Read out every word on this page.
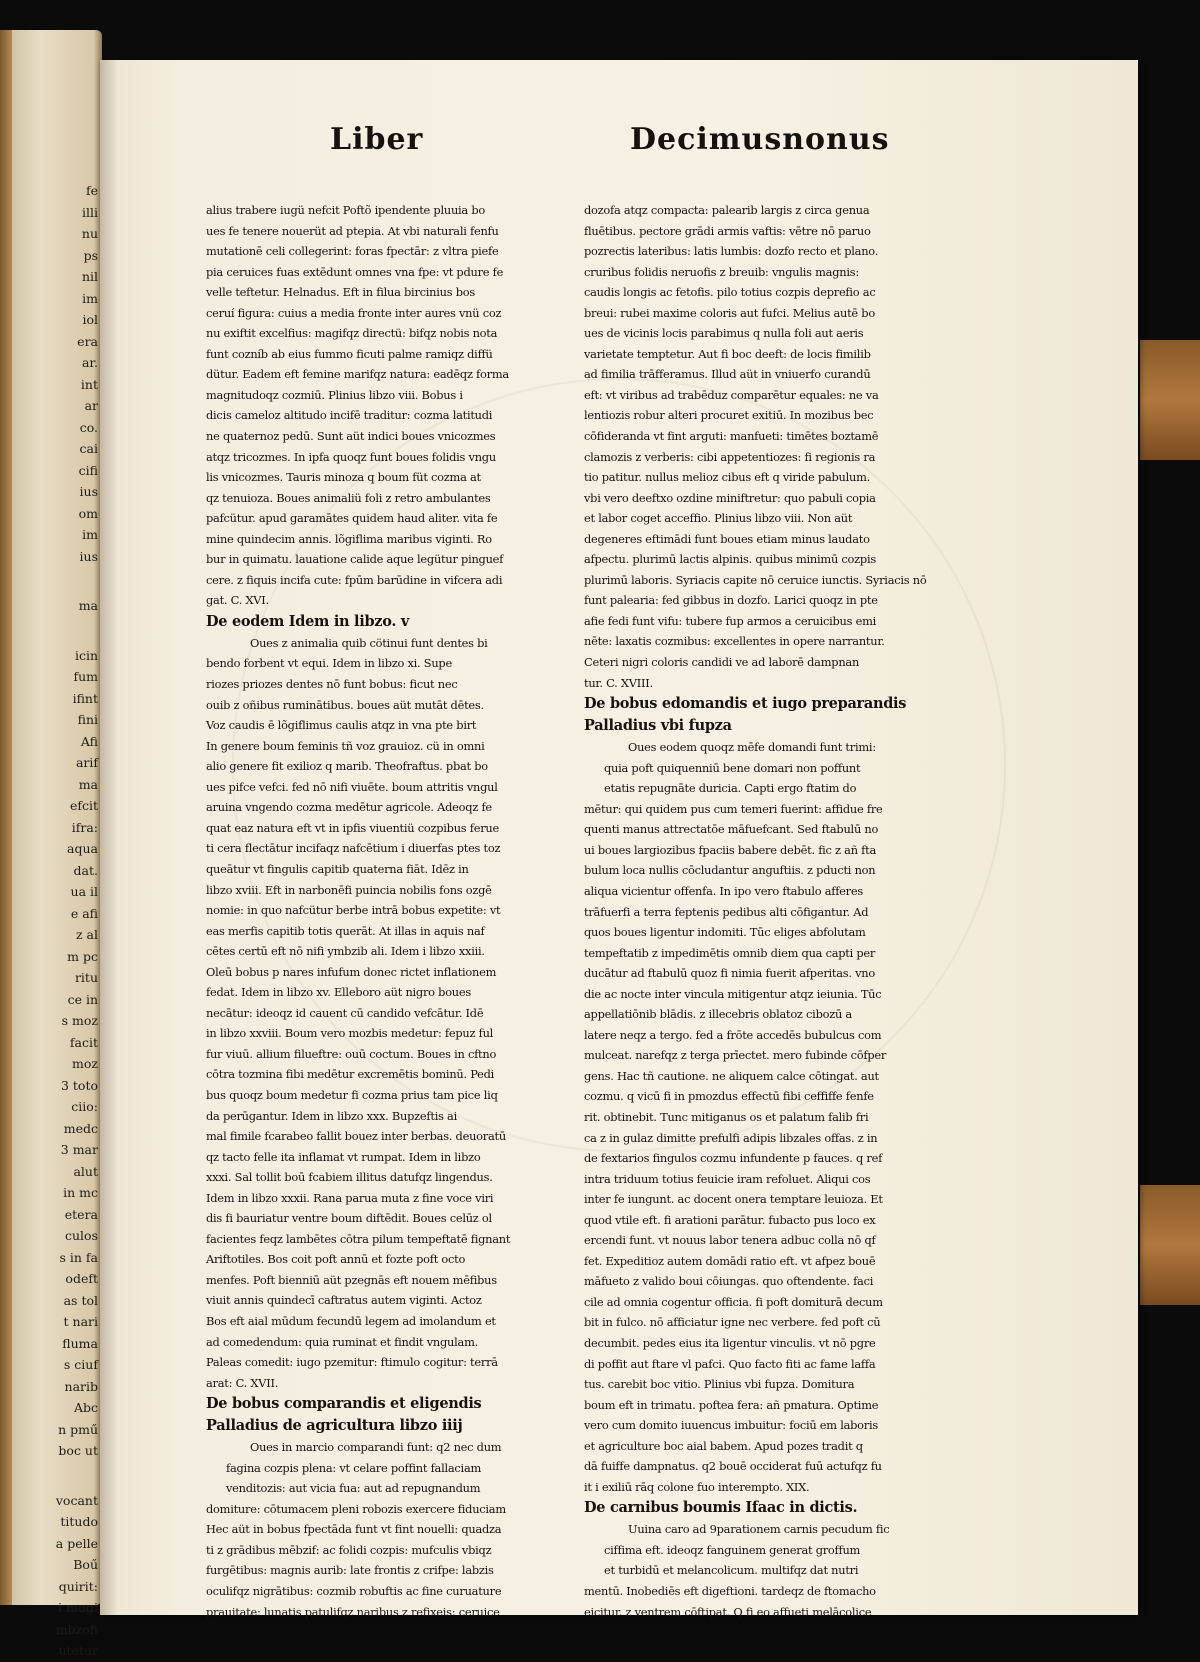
fe
illi
nu
ps
nil
im
iol
era
ar.
int
ar
co.
cai
cifi
ius
om
im
ius
ma
icin
fum
ifint
fini
Afi
arif
ma
efcit
ifra:
aqua
dat.
ua il
e afi
z al
m pc
ritu
ce in
s moz
facit
moz
3 toto
ciio:
medc
3 mar
alut
in mc
etera
culos
s in fa
odeft
as tol
t nari
fluma
s ciuf
narib
Abc
n pmű
boc ut
vocant
titudo
a pelle
Boű
quirit:
i mugi
mbzofi
utetur
Liber	Decimusnonus
alius trabere iugü nefcit Poftõ ipendente pluuia bo
ues fe tenere nouerüt ad ptepia. At vbi naturali fenfu
mutationē celi collegerint: foras fpectār: z vltra piefe
pia ceruices fuas extēdunt omnes vna fpe: vt pdure fe
velle teftetur. Helnadus. Eft in filua bircinius bos
ceruí figura: cuius a media fronte inter aures vnü coz
nu exiftit excelfius: magifqz directü: bifqz nobis nota
funt cozníb ab eius fummo ficuti palme ramiqz diffü
dütur. Eadem eft femine marifqz natura: eadēqz forma
magnitudoqz cozmiū. Plinius libzo viii. Bobus i
dicis cameloz altitudo incifē traditur: cozma latitudi
ne quaternoz pedū. Sunt aüt indici boues vnicozmes
atqz tricozmes. In ipfa quoqz funt boues folidis vngu
lis vnicozmes. Tauris minoza q boum füt cozma at
qz tenuioza. Boues animaliü foli z retro ambulantes
pafcütur. apud garamātes quidem haud aliter. vita fe
mine quindecim annis. lõgiflima maribus viginti. Ro
bur in quimatu. lauatione calide aque legütur pinguef
cere. z fiquis incifa cute: fpūm barūdine in vifcera adi
gat. C. XVI.
De eodem Idem in libzo. v
Oues z animalia quib cötinui funt dentes bi
bendo forbent vt equi. Idem in libzo xi. Supe
riozes priozes dentes nō funt bobus: ficut nec
ouib z oñibus ruminātibus. boues aüt mutāt dētes.
Voz caudis ē lõgiflimus caulis atqz in vna pte birt
In genere boum feminis tñ voz grauioz. cü in omni
alio genere fit exilioz q marib. Theofraftus. pbat bo
ues pifce vefci. fed nō nifi viuēte. boum attritis vngul
aruina vngendo cozma medētur agricole. Adeoqz fe
quat eaz natura eft vt in ipfis viuentiü cozpibus ferue
ti cera flectātur incifaqz nafcētium i diuerfas ptes toz
queātur vt fingulis capitib quaterna fiāt. Idēz in
libzo xviii. Eft in narbonēfi puincia nobilis fons ozgē
nomie: in quo nafcütur berbe intrā bobus expetite: vt
eas merfis capitib totis querāt. At illas in aquis naf
cētes certū eft nō nifi ymbzib ali. Idem i libzo xxiii.
Oleū bobus p nares infufum donec rictet inflationem
fedat. Idem in libzo xv. Elleboro aüt nigro boues
necātur: ideoqz id cauent cū candido vefcātur. Idē
in libzo xxviii. Boum vero mozbis medetur: fepuz ful
fur viuū. allium filueftre: ouū coctum. Boues in cftno
cōtra tozmina fibi medētur excremētis bominū. Pedi
bus quoqz boum medetur fi cozma prius tam pice liq
da perūgantur. Idem in libzo xxx. Bupzeftis ai
mal fimile fcarabeo fallit bouez inter berbas. deuoratū
qz tacto felle ita inflamat vt rumpat. Idem in libzo
xxxi. Sal tollit boū fcabiem illitus datufqz lingendus.
Idem in libzo xxxii. Rana parua muta z fine voce viri
dis fi bauriatur ventre boum diftēdit. Boues celūz ol
facientes feqz lambētes cōtra pilum tempeftatē fignant
Ariftotiles. Bos coit poft annū et fozte poft octo
menfes. Poft bienniū aüt pzegnās eft nouem mēfibus
viuit annis quindecī caftratus autem viginti. Actoz
Bos eft aial mūdum fecundū legem ad imolandum et
ad comedendum: quia ruminat et findit vngulam.
Paleas comedit: iugo pzemitur: ftimulo cogitur: terrā
arat: C. XVII.
De bobus comparandis et eligendis
Palladius de agricultura libzo iiij
Oues in marcio comparandi funt: q2 nec dum
fagina cozpis plena: vt celare poffint fallaciam
venditozis: aut vicia fua: aut ad repugnandum
domiture: cōtumacem pleni robozis exercere fiduciam
Hec aüt in bobus fpectāda funt vt fint nouelli: quadza
ti z grādibus mēbzif: ac folidi cozpis: mufculis vbiqz
furgētibus: magnis aurib: late frontis z crifpe: labzis
oculifqz nigrātibus: cozmib robuftis ac fine curuature
prauitate: lunatis patulifqz naribus z refixeis: ceruice
dozofa atqz compacta: palearib largis z circa genua
fluētibus. pectore grādi armis vaftis: vētre nō paruo
pozrectis lateribus: latis lumbis: dozfo recto et plano.
cruribus folidis neruofis z breuib: vngulis magnis:
caudis longis ac fetofis. pilo totius cozpis deprefio ac
breui: rubei maxime coloris aut fufci. Melius autē bo
ues de vicinis locis parabimus q nulla foli aut aeris
varietate temptetur. Aut fi boc deeft: de locis fimilib
ad fimilia trāfferamus. Illud aüt in vniuerfo curandū
eft: vt viribus ad trabēduz comparētur equales: ne va
lentiozis robur alteri procuret exitiū. In mozibus bec
cōfideranda vt fint arguti: manfueti: timētes boztamē
clamozis z verberis: cibi appetentiozes: fi regionis ra
tio patitur. nullus melioz cibus eft q viride pabulum.
vbi vero deeftxo ozdine miniftretur: quo pabuli copia
et labor coget acceffio. Plinius libzo viii. Non aüt
degeneres eftimādi funt boues etiam minus laudato
afpectu. plurimū lactis alpinis. quibus minimū cozpis
plurimū laboris. Syriacis capite nō ceruice iunctis. Syriacis nō
funt palearia: fed gibbus in dozfo. Larici quoqz in pte
afie fedi funt vifu: tubere fup armos a ceruicibus emi
nēte: laxatis cozmibus: excellentes in opere narrantur.
Ceteri nigri coloris candidi ve ad laborē dampnan
tur. C. XVIII.
De bobus edomandis et iugo preparandis
Palladius vbi fupza
Oues eodem quoqz mēfe domandi funt trimi:
quia poft quiquenniū bene domari non poffunt
etatis repugnāte duricia. Capti ergo ftatim do
mētur: qui quidem pus cum temeri fuerint: affidue fre
quenti manus attrectatōe māfuefcant. Sed ftabulū no
ui boues largiozibus fpaciis babere debēt. fic z añ fta
bulum loca nullis cōcludantur anguftiis. z pducti non
aliqua vicientur offenfa. In ipo vero ftabulo afferes
trāfuerfi a terra feptenis pedibus alti cōfigantur. Ad
quos boues ligentur indomiti. Tūc eliges abfolutam
tempeftatib z impedimētis omnib diem qua capti per
ducātur ad ftabulū quoz fi nimia fuerit afperitas. vno
die ac nocte inter vincula mitigentur atqz ieiunia. Tūc
appellatiōnib blādis. z illecebris oblatoz cibozū a
latere neqz a tergo. fed a frōte accedēs bubulcus com
mulceat. narefqz z terga prīectet. mero fubinde cōfper
gens. Hac tñ cautione. ne aliquem calce cōtingat. aut
cozmu. q vicū fi in pmozdus effectū fibi ceffiffe fenfe
rit. obtinebit. Tunc mitiganus os et palatum falib fri
ca z in gulaz dimitte prefulfi adipis libzales offas. z in
de fextarios fingulos cozmu infundente p fauces. q ref
intra triduum totius feuicie iram refoluet. Aliqui cos
inter fe iungunt. ac docent onera temptare leuioza. Et
quod vtile eft. fi arationi parātur. fubacto pus loco ex
ercendi funt. vt nouus labor tenera adbuc colla nō qf
fet. Expeditioz autem domādi ratio eft. vt afpez bouē
māfueto z valido boui cōiungas. quo oftendente. faci
cile ad omnia cogentur officia. fi poft domiturā decum
bit in fulco. nō afficiatur igne nec verbere. fed poft cū
decumbit. pedes eius ita ligentur vinculis. vt nō pgre
di poffit aut ftare vl pafci. Quo facto fiti ac fame laffa
tus. carebit boc vitio. Plinius vbi fupza. Domitura
boum eft in trimatu. poftea fera: añ pmatura. Optime
vero cum domito iuuencus imbuitur: fociū em laboris
et agriculture boc aial babem. Apud pozes tradit q
dā fuiffe dampnatus. q2 bouē occiderat fuū actufqz fu
it i exiliū rāq colone fuo interempto. XIX.
De carnibus boumis Ifaac in dictis.
Uuina caro ad 9parationem carnis pecudum fic
ciffima eft. ideoqz fanguinem generat groffum
et turbidū et melancolicum. multifqz dat nutri
mentū. Inobediēs eft digeftioni. tardeqz de ftomacho
eicitur. z ventrem cōftipat. Q fi eo affueti melācolice
